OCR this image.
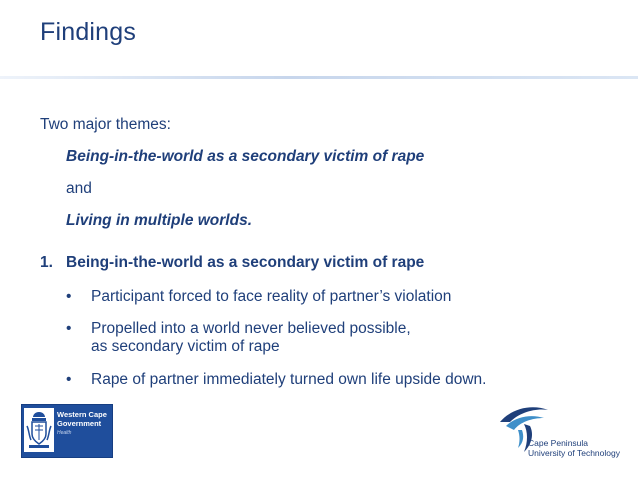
Findings
Two major themes:
Being-in-the-world as a secondary victim of rape
and
Living in multiple worlds.
1. Being-in-the-world as a secondary victim of rape
• Participant forced to face reality of partner’s violation
• Propelled into a world never believed possible,
as secondary victim of rape
• Rape of partner immediately turned own life upside down.
Western Cape
Government
Health
Cape Peninsula
University of Technology
